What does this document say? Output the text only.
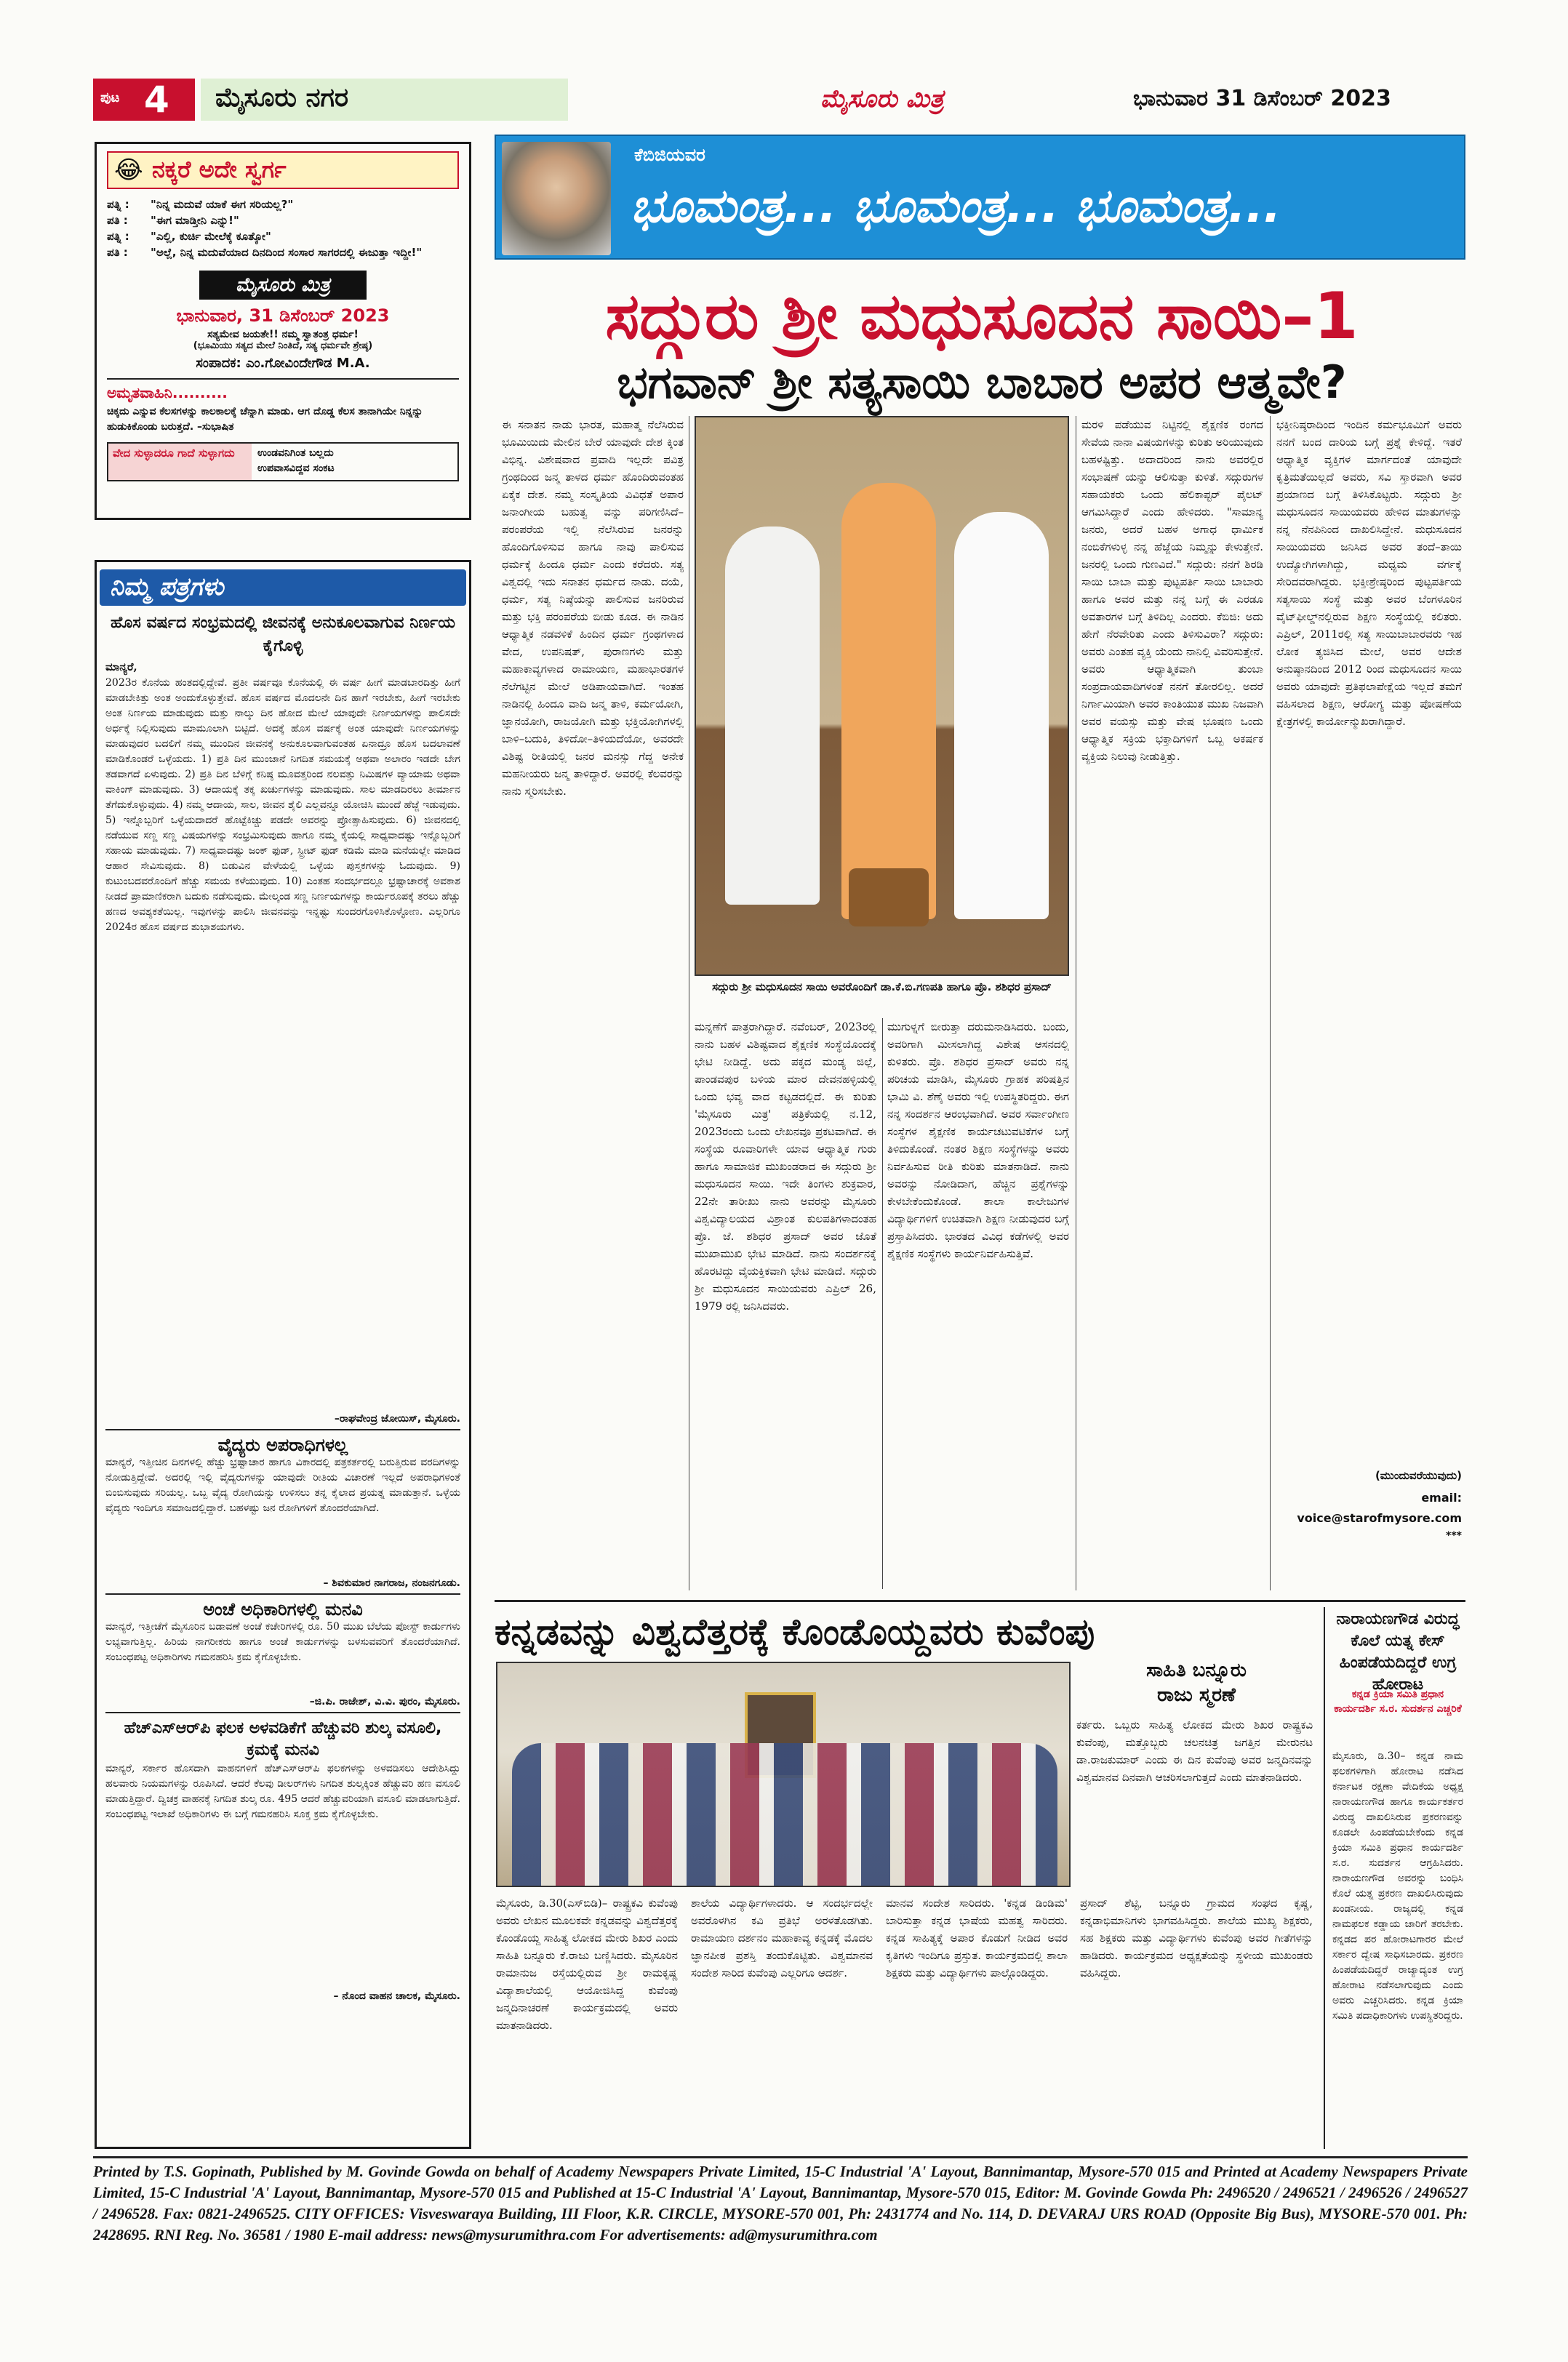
ಪುಟ 4 ಮೈಸೂರು ನಗರ	ಮೈಸೂರು ಮಿತ್ರ	ಭಾನುವಾರ 31 ಡಿಸೆಂಬರ್ 2023
😂 ನಕ್ಕರೆ ಅದೇ ಸ್ವರ್ಗ
ಪತ್ನಿ : "ನಿನ್ನ ಮದುವೆ ಯಾಕೆ ಈಗ ಸರಿಯಲ್ಲ?"
ಪತಿ : "ಈಗ ಮಾಡ್ತೀನಿ ಎನ್ನು!"
ಪತ್ನಿ : "ಎಲ್ಲಿ, ಕುರ್ಚಿ ಮೇಲೆಕ್ಕೆ ಕೂತ್ಕೋ"
ಪತಿ :	"ಅಲ್ಲೆ, ನಿನ್ನ ಮದುವೆಯಾದ ದಿನದಿಂದ ಸಂಸಾರ ಸಾಗರದಲ್ಲಿ ಈಜುತ್ತಾ ಇದ್ದೀ!"
ಮೈಸೂರು ಮಿತ್ರ
ಭಾನುವಾರ, 31 ಡಿಸೆಂಬರ್ 2023
ಸತ್ಯಮೇವ ಜಯತೇ!! ನಮ್ಮ ಸ್ವಾತಂತ್ರ ಧರ್ಮ!
(ಭೂಮಿಯು ಸತ್ಯದ ಮೇಲೆ ನಿಂತಿದೆ, ಸತ್ಯ ಧರ್ಮವೇ ಶ್ರೇಷ್ಠ)
ಸಂಪಾದಕ: ಎಂ.ಗೋವಿಂದೇಗೌಡ M.A.
ಅಮೃತವಾಹಿನಿ..........
ಚಿಕ್ಕದು ಎನ್ನುವ ಕೆಲಸಗಳನ್ನು ಕಾಲಕಾಲಕ್ಕೆ ಚೆನ್ನಾಗಿ ಮಾಡು. ಆಗ ದೊಡ್ಡ ಕೆಲಸ ತಾನಾಗಿಯೇ ನಿನ್ನನ್ನು ಹುಡುಕಿಕೊಂಡು ಬರುತ್ತದೆ. –ಸುಭಾಷಿತ
ವೇದ ಸುಳ್ಳಾದರೂ ಗಾದೆ ಸುಳ್ಳಾಗದು	ಉಂಡವನಿಗಿಂತ ಬಲ್ಲದು
ಉಪವಾಸವಿದ್ದವ ಸಂಕಟ
ನಿಮ್ಮ ಪತ್ರಗಳು
ಹೊಸ ವರ್ಷದ ಸಂಭ್ರಮದಲ್ಲಿ ಜೀವನಕ್ಕೆ ಅನುಕೂಲವಾಗುವ ನಿರ್ಣಯ ಕೈಗೊಳ್ಳಿ
ಮಾನ್ಯರೆ,
2023ರ ಕೊನೆಯ ಹಂತದಲ್ಲಿದ್ದೇವೆ. ಪ್ರತೀ ವರ್ಷವೂ ಕೊನೆಯಲ್ಲಿ ಈ ವರ್ಷ ಹೀಗೆ ಮಾಡಬಾರದಿತ್ತು ಹೀಗೆ ಮಾಡಬೇಕಿತ್ತು ಅಂತ ಅಂದುಕೊಳ್ಳುತ್ತೇವೆ. ಹೊಸ ವರ್ಷದ ಮೊದಲನೇ ದಿನ ಹಾಗೆ ಇರಬೇಕು, ಹೀಗೆ ಇರಬೇಕು ಅಂತ ನಿರ್ಣಯ ಮಾಡುವುದು ಮತ್ತು ನಾಲ್ಕು ದಿನ ಹೋದ ಮೇಲೆ ಯಾವುದೇ ನಿರ್ಣಯಗಳನ್ನು ಪಾಲಿಸದೇ ಅರ್ಧಕ್ಕೆ ನಿಲ್ಲಿಸುವುದು ಮಾಮೂಲಾಗಿ ಬಿಟ್ಟಿದೆ. ಅದಕ್ಕೆ ಹೊಸ ವರ್ಷಕ್ಕೆ ಅಂತ ಯಾವುದೇ ನಿರ್ಣಯಗಳನ್ನು ಮಾಡುವುದರ ಬದಲಿಗೆ ನಮ್ಮ ಮುಂದಿನ ಜೀವನಕ್ಕೆ ಅನುಕೂಲವಾಗುವಂತಹ ಏನಾದ್ರೂ ಹೊಸ ಬದಲಾವಣೆ ಮಾಡಿಕೊಂಡರೆ ಒಳ್ಳೆಯದು. 1) ಪ್ರತಿ ದಿನ ಮುಂಜಾನೆ ನಿಗದಿತ ಸಮಯಕ್ಕೆ ಅಥವಾ ಅಲಾರಂ ಇಡದೇ ಬೇಗ ತಡವಾಗದೆ ಏಳುವುದು. 2) ಪ್ರತಿ ದಿನ ಬೆಳಿಗ್ಗೆ ಕನಿಷ್ಠ ಮೂವತ್ತರಿಂದ ನಲವತ್ತು ನಿಮಿಷಗಳ ವ್ಯಾಯಾಮ ಅಥವಾ ವಾಕಿಂಗ್ ಮಾಡುವುದು. 3) ಆದಾಯಕ್ಕೆ ತಕ್ಕ ಖರ್ಚುಗಳನ್ನು ಮಾಡುವುದು. ಸಾಲ ಮಾಡದಿರಲು ತೀರ್ಮಾನ ತೆಗೆದುಕೊಳ್ಳುವುದು. 4) ನಮ್ಮ ಆದಾಯ, ಸಾಲ, ಜೀವನ ಶೈಲಿ ಎಲ್ಲವನ್ನೂ ಯೋಚಿಸಿ ಮುಂದೆ ಹೆಜ್ಜೆ ಇಡುವುದು. 5) ಇನ್ನೊಬ್ಬರಿಗೆ ಒಳ್ಳೆಯದಾದರೆ ಹೊಟ್ಟೆಕಿಚ್ಚು ಪಡದೇ ಅವರನ್ನು ಪ್ರೋತ್ಸಾಹಿಸುವುದು. 6) ಜೀವನದಲ್ಲಿ ನಡೆಯುವ ಸಣ್ಣ ಸಣ್ಣ ವಿಷಯಗಳನ್ನು ಸಂಭ್ರಮಿಸುವುದು ಹಾಗೂ ನಮ್ಮ ಕೈಯಲ್ಲಿ ಸಾಧ್ಯವಾದಷ್ಟು ಇನ್ನೊಬ್ಬರಿಗೆ ಸಹಾಯ ಮಾಡುವುದು. 7) ಸಾಧ್ಯವಾದಷ್ಟು ಜಂಕ್ ಫುಡ್, ಸ್ಟ್ರೀಟ್ ಫುಡ್ ಕಡಿಮೆ ಮಾಡಿ ಮನೆಯಲ್ಲೇ ಮಾಡಿದ ಆಹಾರ ಸೇವಿಸುವುದು. 8) ಬಿಡುವಿನ ವೇಳೆಯಲ್ಲಿ ಒಳ್ಳೆಯ ಪುಸ್ತಕಗಳನ್ನು ಓದುವುದು. 9) ಕುಟುಂಬದವರೊಂದಿಗೆ ಹೆಚ್ಚು ಸಮಯ ಕಳೆಯುವುದು. 10) ಎಂತಹ ಸಂದರ್ಭದಲ್ಲೂ ಭ್ರಷ್ಟಾಚಾರಕ್ಕೆ ಅವಕಾಶ ನೀಡದೆ ಪ್ರಾಮಾಣಿಕರಾಗಿ ಬದುಕು ನಡೆಸುವುದು. ಮೇಲ್ಕಂಡ ಸಣ್ಣ ನಿರ್ಣಯಗಳನ್ನು ಕಾರ್ಯರೂಪಕ್ಕೆ ತರಲು ಹೆಚ್ಚು ಹಣದ ಅವಶ್ಯಕತೆಯಿಲ್ಲ. ಇವುಗಳನ್ನು ಪಾಲಿಸಿ ಜೀವನವನ್ನು ಇನ್ನಷ್ಟು ಸುಂದರಗೊಳಿಸಿಕೊಳ್ಳೋಣ. ಎಲ್ಲರಿಗೂ 2024ರ ಹೊಸ ವರ್ಷದ ಶುಭಾಶಯಗಳು.
–ರಾಘವೇಂದ್ರ ಜೋಯಿಸ್, ಮೈಸೂರು.
ವೈದ್ಯರು ಅಪರಾಧಿಗಳಲ್ಲ
ಮಾನ್ಯರೆ, ಇತ್ತೀಚಿನ ದಿನಗಳಲ್ಲಿ ಹೆಚ್ಚು ಭ್ರಷ್ಟಾಚಾರ ಹಾಗೂ ವಿಕಾರದಲ್ಲಿ ಪತ್ರಕರ್ತರಲ್ಲಿ ಬರುತ್ತಿರುವ ವರದಿಗಳನ್ನು ನೋಡುತ್ತಿದ್ದೇವೆ. ಅದರಲ್ಲಿ ಇಲ್ಲಿ ವೈದ್ಯರುಗಳನ್ನು ಯಾವುದೇ ರೀತಿಯ ವಿಚಾರಣೆ ಇಲ್ಲದೆ ಅಪರಾಧಿಗಳಂತೆ ಬಿಂಬಿಸುವುದು ಸರಿಯಲ್ಲ. ಒಬ್ಬ ವೈದ್ಯ ರೋಗಿಯನ್ನು ಉಳಿಸಲು ತನ್ನ ಕೈಲಾದ ಪ್ರಯತ್ನ ಮಾಡುತ್ತಾನೆ. ಒಳ್ಳೆಯ ವೈದ್ಯರು ಇಂದಿಗೂ ಸಮಾಜದಲ್ಲಿದ್ದಾರೆ. ಬಹಳಷ್ಟು ಜನ ರೋಗಿಗಳಿಗೆ ತೊಂದರೆಯಾಗಿದೆ.
– ಶಿವಕುಮಾರ ನಾಗರಾಜ, ನಂಜನಗೂಡು.
ಅಂಚೆ ಅಧಿಕಾರಿಗಳಲ್ಲಿ ಮನವಿ
ಮಾನ್ಯರೆ, ಇತ್ತೀಚೆಗೆ ಮೈಸೂರಿನ ಬಡಾವಣೆ ಅಂಚೆ ಕಚೇರಿಗಳಲ್ಲಿ ರೂ. 50 ಮುಖ ಬೆಲೆಯ ಪೋಸ್ಟ್ ಕಾರ್ಡುಗಳು ಲಭ್ಯವಾಗುತ್ತಿಲ್ಲ. ಹಿರಿಯ ನಾಗರೀಕರು ಹಾಗೂ ಅಂಚೆ ಕಾರ್ಡುಗಳನ್ನು ಬಳಸುವವರಿಗೆ ತೊಂದರೆಯಾಗಿದೆ. ಸಂಬಂಧಪಟ್ಟ ಅಧಿಕಾರಿಗಳು ಗಮನಹರಿಸಿ ಕ್ರಮ ಕೈಗೊಳ್ಳಬೇಕು.
–ಜಿ.ಪಿ. ರಾಜೇಶ್, ವಿ.ವಿ. ಪುರಂ, ಮೈಸೂರು.
ಹೆಚ್‌ಎಸ್‌ಆರ್‌ಪಿ ಫಲಕ ಅಳವಡಿಕೆಗೆ ಹೆಚ್ಚುವರಿ ಶುಲ್ಕ ವಸೂಲಿ, ಕ್ರಮಕ್ಕೆ ಮನವಿ
ಮಾನ್ಯರೆ, ಸರ್ಕಾರ ಹೊಸದಾಗಿ ವಾಹನಗಳಿಗೆ ಹೆಚ್‌ಎಸ್‌ಆರ್‌ಪಿ ಫಲಕಗಳನ್ನು ಅಳವಡಿಸಲು ಆದೇಶಿಸಿದ್ದು ಹಲವಾರು ನಿಯಮಗಳನ್ನು ರೂಪಿಸಿದೆ. ಆದರೆ ಕೆಲವು ಡೀಲರ್‌ಗಳು ನಿಗದಿತ ಶುಲ್ಕಕ್ಕಿಂತ ಹೆಚ್ಚುವರಿ ಹಣ ವಸೂಲಿ ಮಾಡುತ್ತಿದ್ದಾರೆ. ದ್ವಿಚಕ್ರ ವಾಹನಕ್ಕೆ ನಿಗದಿತ ಶುಲ್ಕ ರೂ. 495 ಆದರೆ ಹೆಚ್ಚುವರಿಯಾಗಿ ವಸೂಲಿ ಮಾಡಲಾಗುತ್ತಿದೆ. ಸಂಬಂಧಪಟ್ಟ ಇಲಾಖೆ ಅಧಿಕಾರಿಗಳು ಈ ಬಗ್ಗೆ ಗಮನಹರಿಸಿ ಸೂಕ್ತ ಕ್ರಮ ಕೈಗೊಳ್ಳಬೇಕು.
– ನೊಂದ ವಾಹನ ಚಾಲಕ, ಮೈಸೂರು.
ಕೆಬಿಜಿಯವರ
ಭೂಮಂತ್ರ... ಭೂಮಂತ್ರ... ಭೂಮಂತ್ರ...
ಸದ್ಗುರು ಶ್ರೀ ಮಧುಸೂದನ ಸಾಯಿ–1
ಭಗವಾನ್ ಶ್ರೀ ಸತ್ಯಸಾಯಿ ಬಾಬಾರ ಅಪರ ಆತ್ಮವೇ?
ಈ ಸನಾತನ ನಾಡು ಭಾರತ, ಮಹಾತ್ಮ ನೆಲೆಸಿರುವ ಭೂಮಿಯಿದು ಮೇಲಿನ ಬೇರೆ ಯಾವುದೇ ದೇಶ ಕ್ಕಿಂತ ವಿಭಿನ್ನ. ವಿಶೇಷವಾದ ಪ್ರವಾದಿ ಇಲ್ಲದೇ ಪವಿತ್ರ ಗ್ರಂಥದಿಂದ ಜನ್ಮ ತಾಳದ ಧರ್ಮ ಹೊಂದಿರುವಂತಹ ಏಕೈಕ ದೇಶ. ನಮ್ಮ ಸಂಸ್ಕೃತಿಯ ವಿವಿಧತೆ ಅಪಾರ ಜನಾಂಗೀಯ ಬಹುತ್ವ ವನ್ನು ಪರಿಗಣಿಸಿದೆ–ಪರಂಪರೆಯ ಇಲ್ಲಿ ನೆಲೆಸಿರುವ ಜನರನ್ನು ಹೊಂದಿಗೊಳಿಸುವ ಹಾಗೂ ನಾವು ಪಾಲಿಸುವ ಧರ್ಮಕ್ಕೆ ಹಿಂದೂ ಧರ್ಮ ಎಂದು ಕರೆದರು. ಸತ್ಯ ವಿಶ್ವದಲ್ಲಿ ಇದು ಸನಾತನ ಧರ್ಮದ ನಾಡು. ದಯೆ, ಧರ್ಮ, ಸತ್ಯ ನಿಷ್ಠೆಯನ್ನು ಪಾಲಿಸುವ ಜನರಿರುವ ಮತ್ತು ಭಕ್ತಿ ಪರಂಪರೆಯ ಬೀಡು ಕೂಡ. ಈ ನಾಡಿನ ಆಧ್ಯಾತ್ಮಿಕ ನಡವಳಿಕೆ ಹಿಂದಿನ ಧರ್ಮ ಗ್ರಂಥಗಳಾದ ವೇದ, ಉಪನಿಷತ್, ಪುರಾಣಗಳು ಮತ್ತು ಮಹಾಕಾವ್ಯಗಳಾದ ರಾಮಾಯಣ, ಮಹಾಭಾರತಗಳ ನೆಲೆಗಟ್ಟಿನ ಮೇಲೆ ಅಡಿಪಾಯವಾಗಿದೆ. ಇಂತಹ ನಾಡಿನಲ್ಲಿ ಹಿಂದೂ ವಾದಿ ಜನ್ಮ ತಾಳಿ, ಕರ್ಮಯೋಗಿ, ಜ್ಞಾನಯೋಗಿ, ರಾಜಯೋಗಿ ಮತ್ತು ಭಕ್ತಿಯೋಗಿಗಳಲ್ಲಿ ಬಾಳಿ–ಬದುಕಿ, ತಿಳಿದೋ–ತಿಳಿಯದೆಯೋ, ಅವರದೇ ವಿಶಿಷ್ಟ ರೀತಿಯಲ್ಲಿ ಜನರ ಮನಸ್ಸು ಗೆದ್ದ ಅನೇಕ ಮಹನೀಯರು ಜನ್ಮ ತಾಳಿದ್ದಾರೆ. ಅವರಲ್ಲಿ ಕೆಲವರನ್ನು ನಾನು ಸ್ಮರಿಸಬೇಕು.
ಸದ್ಗುರು ಶ್ರೀ ಮಧುಸೂದನ ಸಾಯಿ ಅವರೊಂದಿಗೆ ಡಾ.ಕೆ.ಬಿ.ಗಣಪತಿ ಹಾಗೂ ಪ್ರೊ. ಶಶಿಧರ ಪ್ರಸಾದ್
ಮನ್ನಣೆಗೆ ಪಾತ್ರರಾಗಿದ್ದಾರೆ. ನವೆಂಬರ್, 2023ರಲ್ಲಿ ನಾನು ಬಹಳ ವಿಶಿಷ್ಟವಾದ ಶೈಕ್ಷಣಿಕ ಸಂಸ್ಥೆಯೊಂದಕ್ಕೆ ಭೇಟಿ ನೀಡಿದ್ದೆ. ಅದು ಪಕ್ಕದ ಮಂಡ್ಯ ಜಿಲ್ಲೆ, ಪಾಂಡವಪುರ ಬಳಿಯ ಮಾರ ದೇವನಹಳ್ಳಿಯಲ್ಲಿ ಒಂದು ಭವ್ಯ ವಾದ ಕಟ್ಟಡದಲ್ಲಿದೆ. ಈ ಕುರಿತು 'ಮೈಸೂರು ಮಿತ್ರ' ಪತ್ರಿಕೆಯಲ್ಲಿ ನ.12, 2023ರಂದು ಒಂದು ಲೇಖನವೂ ಪ್ರಕಟವಾಗಿದೆ. ಈ ಸಂಸ್ಥೆಯ ರೂವಾರಿಗಳೇ ಯಾವ ಆಧ್ಯಾತ್ಮಿಕ ಗುರು ಹಾಗೂ ಸಾಮಾಜಿಕ ಮುಖಂಡರಾದ ಈ ಸದ್ಗುರು ಶ್ರೀ ಮಧುಸೂದನ ಸಾಯಿ. ಇದೇ ತಿಂಗಳು ಶುಕ್ರವಾರ, 22ನೇ ತಾರೀಖು ನಾನು ಅವರನ್ನು ಮೈಸೂರು ವಿಶ್ವವಿದ್ಯಾಲಯದ ವಿಶ್ರಾಂತ ಕುಲಪತಿಗಳಾದಂತಹ ಪ್ರೊ. ಜೆ. ಶಶಿಧರ ಪ್ರಸಾದ್ ಅವರ ಜೊತೆ ಮುಖಾಮುಖಿ ಭೇಟಿ ಮಾಡಿದೆ. ನಾನು ಸಂದರ್ಶನಕ್ಕೆ ಹೊರಟಿದ್ದು ವೈಯಕ್ತಿಕವಾಗಿ ಭೇಟಿ ಮಾಡಿದೆ. ಸದ್ಗುರು ಶ್ರೀ ಮಧುಸೂದನ ಸಾಯಿಯವರು ಎಪ್ರಿಲ್ 26, 1979 ರಲ್ಲಿ ಜನಿಸಿದವರು.
ಮುಗುಳ್ನಗೆ ಬೀರುತ್ತಾ ದರುಮನಾಡಿಸಿದರು. ಬಂದು, ಅವರಿಗಾಗಿ ಮೀಸಲಾಗಿದ್ದ ವಿಶೇಷ ಆಸನದಲ್ಲಿ ಕುಳಿತರು. ಪ್ರೊ. ಶಶಿಧರ ಪ್ರಸಾದ್ ಅವರು ನನ್ನ ಪರಿಚಯ ಮಾಡಿಸಿ, ಮೈಸೂರು ಗ್ರಾಹಕ ಪರಿಷತ್ತಿನ ಭಾಮಿ ವಿ. ಶೆಣೈ ಅವರು ಇಲ್ಲಿ ಉಪಸ್ಥಿತರಿದ್ದರು. ಈಗ ನನ್ನ ಸಂದರ್ಶನ ಆರಂಭವಾಗಿದೆ. ಅವರ ಸರ್ವಾಂಗೀಣ ಸಂಸ್ಥೆಗಳ ಶೈಕ್ಷಣಿಕ ಕಾರ್ಯಚಟುವಟಿಕೆಗಳ ಬಗ್ಗೆ ತಿಳಿದುಕೊಂಡೆ. ನಂತರ ಶಿಕ್ಷಣ ಸಂಸ್ಥೆಗಳನ್ನು ಅವರು ನಿರ್ವಹಿಸುವ ರೀತಿ ಕುರಿತು ಮಾತನಾಡಿದೆ. ನಾನು ಅವರನ್ನು ನೋಡಿದಾಗ, ಹೆಚ್ಚಿನ ಪ್ರಶ್ನೆಗಳನ್ನು ಕೇಳಬೇಕೆಂದುಕೊಂಡೆ. ಶಾಲಾ ಕಾಲೇಜುಗಳ ವಿದ್ಯಾರ್ಥಿಗಳಿಗೆ ಉಚಿತವಾಗಿ ಶಿಕ್ಷಣ ನೀಡುವುದರ ಬಗ್ಗೆ ಪ್ರಸ್ತಾಪಿಸಿದರು. ಭಾರತದ ವಿವಿಧ ಕಡೆಗಳಲ್ಲಿ ಅವರ ಶೈಕ್ಷಣಿಕ ಸಂಸ್ಥೆಗಳು ಕಾರ್ಯನಿರ್ವಹಿಸುತ್ತಿವೆ.
ಮರಳಿ ಪಡೆಯುವ ನಿಟ್ಟಿನಲ್ಲಿ ಶೈಕ್ಷಣಿಕ ರಂಗದ ಸೇವೆಯ ನಾನಾ ವಿಷಯಗಳನ್ನು ಕುರಿತು ಅರಿಯುವುದು ಬಹಳಷ್ಟಿತ್ತು. ಅದಾದರಿಂದ ನಾನು ಅವರಲ್ಲಿರ ಸಂಭಾಷಣೆ ಯನ್ನು ಆಲಿಸುತ್ತಾ ಕುಳಿತೆ. ಸದ್ಗುರುಗಳ ಸಹಾಯಕರು ಒಂದು ಹೆಲಿಕಾಪ್ಟರ್ ಪೈಲಟ್ ಆಗಮಿಸಿದ್ದಾರೆ ಎಂದು ಹೇಳಿದರು. "ಸಾಮಾನ್ಯ ಜನರು, ಅದರೆ ಬಹಳ ಅಗಾಧ ಧಾರ್ಮಿಕ ನಂಬಿಕೆಗಳುಳ್ಳ ನನ್ನ ಹೆಜ್ಜೆಯ ನಿಮ್ಮನ್ನು ಕೇಳುತ್ತೇನೆ. ಜನರಲ್ಲಿ ಒಂದು ಗುಣವಿದೆ." ಸದ್ಗುರು: ನನಗೆ ಶಿರಡಿ ಸಾಯಿ ಬಾಬಾ ಮತ್ತು ಪುಟ್ಟಪರ್ತಿ ಸಾಯಿ ಬಾಬಾರು ಹಾಗೂ ಅವರ ಮತ್ತು ನನ್ನ ಬಗ್ಗೆ ಈ ಎರಡೂ ಅವತಾರಗಳ ಬಗ್ಗೆ ತಿಳಿದಿಲ್ಲ ಎಂದರು. ಕೆಬಿಜಿ: ಅದು ಹೇಗೆ ನೆರವೇರಿತು ಎಂದು ತಿಳಿಸುವಿರಾ? ಸದ್ಗುರು: ಅವರು ಎಂತಹ ವ್ಯಕ್ತಿ ಯೆಂದು ನಾನಿಲ್ಲಿ ವಿವರಿಸುತ್ತೇನೆ. ಅವರು ಆಧ್ಯಾತ್ಮಿಕವಾಗಿ ತುಂಬಾ ಸಂಪ್ರದಾಯವಾದಿಗಳಂತೆ ನನಗೆ ತೋರಲಿಲ್ಲ. ಅದರೆ ನಿರ್ಗಾಮಿಯಾಗಿ ಅವರ ಕಾಂತಿಯುತ ಮುಖ ನಿಜವಾಗಿ ಅವರ ವಯಸ್ಸು ಮತ್ತು ವೇಷ ಭೂಷಣ ಒಂದು ಆಧ್ಯಾತ್ಮಿಕ ಸಕ್ರಿಯ ಭಕ್ತಾದಿಗಳಿಗೆ ಒಬ್ಬ ಅಕರ್ಷಕ ವ್ಯಕ್ತಿಯ ನಿಲುವು ನೀಡುತ್ತಿತ್ತು.
ಭಕ್ತೀನಿಷ್ಠರಾದಿಂದ ಇಂದಿನ ಕರ್ಮಭೂಮಿಗೆ ಅವರು ನನಗೆ ಬಂದ ದಾರಿಯ ಬಗ್ಗೆ ಪ್ರಶ್ನೆ ಕೇಳಿದ್ದೆ. ಇತರೆ ಆಧ್ಯಾತ್ಮಿಕ ವ್ಯಕ್ತಿಗಳ ಮಾರ್ಗದಂತೆ ಯಾವುದೇ ಕೃತ್ರಿಮತೆಯಿಲ್ಲದೆ ಅವರು, ಸವಿ ಸ್ತಾರವಾಗಿ ಅವರ ಪ್ರಯಾಣದ ಬಗ್ಗೆ ತಿಳಿಸಿಕೊಟ್ಟರು. ಸದ್ಗುರು ಶ್ರೀ ಮಧುಸೂದನ ಸಾಯಿಯವರು ಹೇಳಿದ ಮಾತುಗಳನ್ನು ನನ್ನ ನೆನಪಿನಿಂದ ದಾಖಲಿಸಿದ್ದೇನೆ. ಮಧುಸೂದನ ಸಾಯಿಯವರು ಜನಿಸಿದ ಅವರ ತಂದೆ–ತಾಯಿ ಉದ್ಯೋಗಿಗಳಾಗಿದ್ದು, ಮಧ್ಯಮ ವರ್ಗಕ್ಕೆ ಸೇರಿದವರಾಗಿದ್ದರು. ಭಕ್ತೀಶ್ರೇಷ್ಠರಿಂದ ಪುಟ್ಟಪರ್ತಿಯ ಸತ್ಯಸಾಯಿ ಸಂಸ್ಥೆ ಮತ್ತು ಅವರ ಬೆಂಗಳೂರಿನ ವೈಟ್‌ಫೀಲ್ಡ್‌ನಲ್ಲಿರುವ ಶಿಕ್ಷಣ ಸಂಸ್ಥೆಯಲ್ಲಿ ಕಲಿತರು. ಎಪ್ರಿಲ್, 2011ರಲ್ಲಿ ಸತ್ಯ ಸಾಯಿಬಾಬಾರವರು ಇಹ ಲೋಕ ತ್ಯಜಿಸಿದ ಮೇಲೆ, ಅವರ ಆದೇಶ ಅನುಷ್ಠಾನದಿಂದ 2012 ರಿಂದ ಮಧುಸೂದನ ಸಾಯಿ ಅವರು ಯಾವುದೇ ಪ್ರತಿಫಲಾಪೇಕ್ಷೆಯ ಇಲ್ಲದೆ ತಮಗೆ ವಹಿಸಲಾದ ಶಿಕ್ಷಣ, ಆರೋಗ್ಯ ಮತ್ತು ಪೋಷಣೆಯ ಕ್ಷೇತ್ರಗಳಲ್ಲಿ ಕಾರ್ಯೋನ್ಮುಖರಾಗಿದ್ದಾರೆ.
(ಮುಂದುವರೆಯುವುದು)
email:
voice@starofmysore.com
***
ಕನ್ನಡವನ್ನು ವಿಶ್ವದೆತ್ತರಕ್ಕೆ ಕೊಂಡೊಯ್ದವರು ಕುವೆಂಪು
ಸಾಹಿತಿ ಬನ್ನೂರು
ರಾಜು ಸ್ಮರಣೆ
ಕರ್ತರು. ಒಬ್ಬರು ಸಾಹಿತ್ಯ ಲೋಕದ ಮೇರು ಶಿಖರ ರಾಷ್ಟ್ರಕವಿ ಕುವೆಂಪು, ಮತ್ತೊಬ್ಬರು ಚಲನಚಿತ್ರ ಜಗತ್ತಿನ ಮೇರುನಟ ಡಾ.ರಾಜಕುಮಾರ್ ಎಂದು ಈ ದಿನ ಕುವೆಂಪು ಅವರ ಜನ್ಮದಿನವನ್ನು ವಿಶ್ವಮಾನವ ದಿನವಾಗಿ ಆಚರಿಸಲಾಗುತ್ತದೆ ಎಂದು ಮಾತನಾಡಿದರು.
ಮೈಸೂರು, ಡಿ.30(ಎಸ್‌ಬಿಡಿ)– ರಾಷ್ಟ್ರಕವಿ ಕುವೆಂಪು ಅವರು ಲೇಖನ ಮೂಲಕವೇ ಕನ್ನಡವನ್ನು ವಿಶ್ವದೆತ್ತರಕ್ಕೆ ಕೊಂಡೊಯ್ದ ಸಾಹಿತ್ಯ ಲೋಕದ ಮೇರು ಶಿಖರ ಎಂದು ಸಾಹಿತಿ ಬನ್ನೂರು ಕೆ.ರಾಜು ಬಣ್ಣಿಸಿದರು. ಮೈಸೂರಿನ ರಾಮಾನುಜ ರಸ್ತೆಯಲ್ಲಿರುವ ಶ್ರೀ ರಾಮಕೃಷ್ಣ ವಿದ್ಯಾಶಾಲೆಯಲ್ಲಿ ಆಯೋಜಿಸಿದ್ದ ಕುವೆಂಪು ಜನ್ಮದಿನಾಚರಣೆ ಕಾರ್ಯಕ್ರಮದಲ್ಲಿ ಅವರು ಮಾತನಾಡಿದರು.
ಶಾಲೆಯ ವಿದ್ಯಾರ್ಥಿಗಳಾದರು. ಆ ಸಂದರ್ಭದಲ್ಲೇ ಅವರೊಳಗಿನ ಕವಿ ಪ್ರತಿಭೆ ಅರಳತೊಡಗಿತು. ರಾಮಾಯಣ ದರ್ಶನಂ ಮಹಾಕಾವ್ಯ ಕನ್ನಡಕ್ಕೆ ಮೊದಲ ಜ್ಞಾನಪೀಠ ಪ್ರಶಸ್ತಿ ತಂದುಕೊಟ್ಟಿತು. ವಿಶ್ವಮಾನವ ಸಂದೇಶ ಸಾರಿದ ಕುವೆಂಪು ಎಲ್ಲರಿಗೂ ಆದರ್ಶ.
ಮಾನವ ಸಂದೇಶ ಸಾರಿದರು. 'ಕನ್ನಡ ಡಿಂಡಿಮ' ಬಾರಿಸುತ್ತಾ ಕನ್ನಡ ಭಾಷೆಯ ಮಹತ್ವ ಸಾರಿದರು. ಕನ್ನಡ ಸಾಹಿತ್ಯಕ್ಕೆ ಅಪಾರ ಕೊಡುಗೆ ನೀಡಿದ ಅವರ ಕೃತಿಗಳು ಇಂದಿಗೂ ಪ್ರಸ್ತುತ. ಕಾರ್ಯಕ್ರಮದಲ್ಲಿ ಶಾಲಾ ಶಿಕ್ಷಕರು ಮತ್ತು ವಿದ್ಯಾರ್ಥಿಗಳು ಪಾಲ್ಗೊಂಡಿದ್ದರು.
ಪ್ರಸಾದ್ ಶೆಟ್ಟಿ, ಬನ್ನೂರು ಗ್ರಾಮದ ಸಂಘದ ಕೃಷ್ಣ, ಕನ್ನಡಾಭಿಮಾನಿಗಳು ಭಾಗವಹಿಸಿದ್ದರು. ಶಾಲೆಯ ಮುಖ್ಯ ಶಿಕ್ಷಕರು, ಸಹ ಶಿಕ್ಷಕರು ಮತ್ತು ವಿದ್ಯಾರ್ಥಿಗಳು ಕುವೆಂಪು ಅವರ ಗೀತೆಗಳನ್ನು ಹಾಡಿದರು. ಕಾರ್ಯಕ್ರಮದ ಅಧ್ಯಕ್ಷತೆಯನ್ನು ಸ್ಥಳೀಯ ಮುಖಂಡರು ವಹಿಸಿದ್ದರು.
ನಾರಾಯಣಗೌಡ ವಿರುದ್ಧ ಕೊಲೆ ಯತ್ನ ಕೇಸ್ ಹಿಂಪಡೆಯದಿದ್ದರೆ ಉಗ್ರ ಹೋರಾಟ
ಕನ್ನಡ ಕ್ರಿಯಾ ಸಮಿತಿ ಪ್ರಧಾನ ಕಾರ್ಯದರ್ಶಿ ಸ.ರ. ಸುದರ್ಶನ ಎಚ್ಚರಿಕೆ
ಮೈಸೂರು, ಡಿ.30– ಕನ್ನಡ ನಾಮ ಫಲಕಗಳಿಗಾಗಿ ಹೋರಾಟ ನಡೆಸಿದ ಕರ್ನಾಟಕ ರಕ್ಷಣಾ ವೇದಿಕೆಯ ಅಧ್ಯಕ್ಷ ನಾರಾಯಣಗೌಡ ಹಾಗೂ ಕಾರ್ಯಕರ್ತರ ವಿರುದ್ಧ ದಾಖಲಿಸಿರುವ ಪ್ರಕರಣವನ್ನು ಕೂಡಲೇ ಹಿಂಪಡೆಯಬೇಕೆಂದು ಕನ್ನಡ ಕ್ರಿಯಾ ಸಮಿತಿ ಪ್ರಧಾನ ಕಾರ್ಯದರ್ಶಿ ಸ.ರ. ಸುದರ್ಶನ ಆಗ್ರಹಿಸಿದರು. ನಾರಾಯಣಗೌಡ ಅವರನ್ನು ಬಂಧಿಸಿ ಕೊಲೆ ಯತ್ನ ಪ್ರಕರಣ ದಾಖಲಿಸಿರುವುದು ಖಂಡನೀಯ. ರಾಜ್ಯದಲ್ಲಿ ಕನ್ನಡ ನಾಮಫಲಕ ಕಡ್ಡಾಯ ಜಾರಿಗೆ ತರಬೇಕು. ಕನ್ನಡದ ಪರ ಹೋರಾಟಗಾರರ ಮೇಲೆ ಸರ್ಕಾರ ದ್ವೇಷ ಸಾಧಿಸಬಾರದು. ಪ್ರಕರಣ ಹಿಂಪಡೆಯದಿದ್ದರೆ ರಾಜ್ಯಾದ್ಯಂತ ಉಗ್ರ ಹೋರಾಟ ನಡೆಸಲಾಗುವುದು ಎಂದು ಅವರು ಎಚ್ಚರಿಸಿದರು. ಕನ್ನಡ ಕ್ರಿಯಾ ಸಮಿತಿ ಪದಾಧಿಕಾರಿಗಳು ಉಪಸ್ಥಿತರಿದ್ದರು.
Printed by T.S. Gopinath, Published by M. Govinde Gowda on behalf of Academy Newspapers Private Limited, 15-C Industrial 'A' Layout, Bannimantap, Mysore-570 015 and Printed at Academy Newspapers Private Limited, 15-C Industrial 'A' Layout, Bannimantap, Mysore-570 015 and Published at 15-C Industrial 'A' Layout, Bannimantap, Mysore-570 015, Editor: M. Govinde Gowda Ph: 2496520 / 2496521 / 2496526 / 2496527 / 2496528. Fax: 0821-2496525. CITY OFFICES: Visveswaraya Building, III Floor, K.R. CIRCLE, MYSORE-570 001, Ph: 2431774 and No. 114, D. DEVARAJ URS ROAD (Opposite Big Bus), MYSORE-570 001. Ph: 2428695. RNI Reg. No. 36581 / 1980 E-mail address: news@mysurumithra.com For advertisements: ad@mysurumithra.com
